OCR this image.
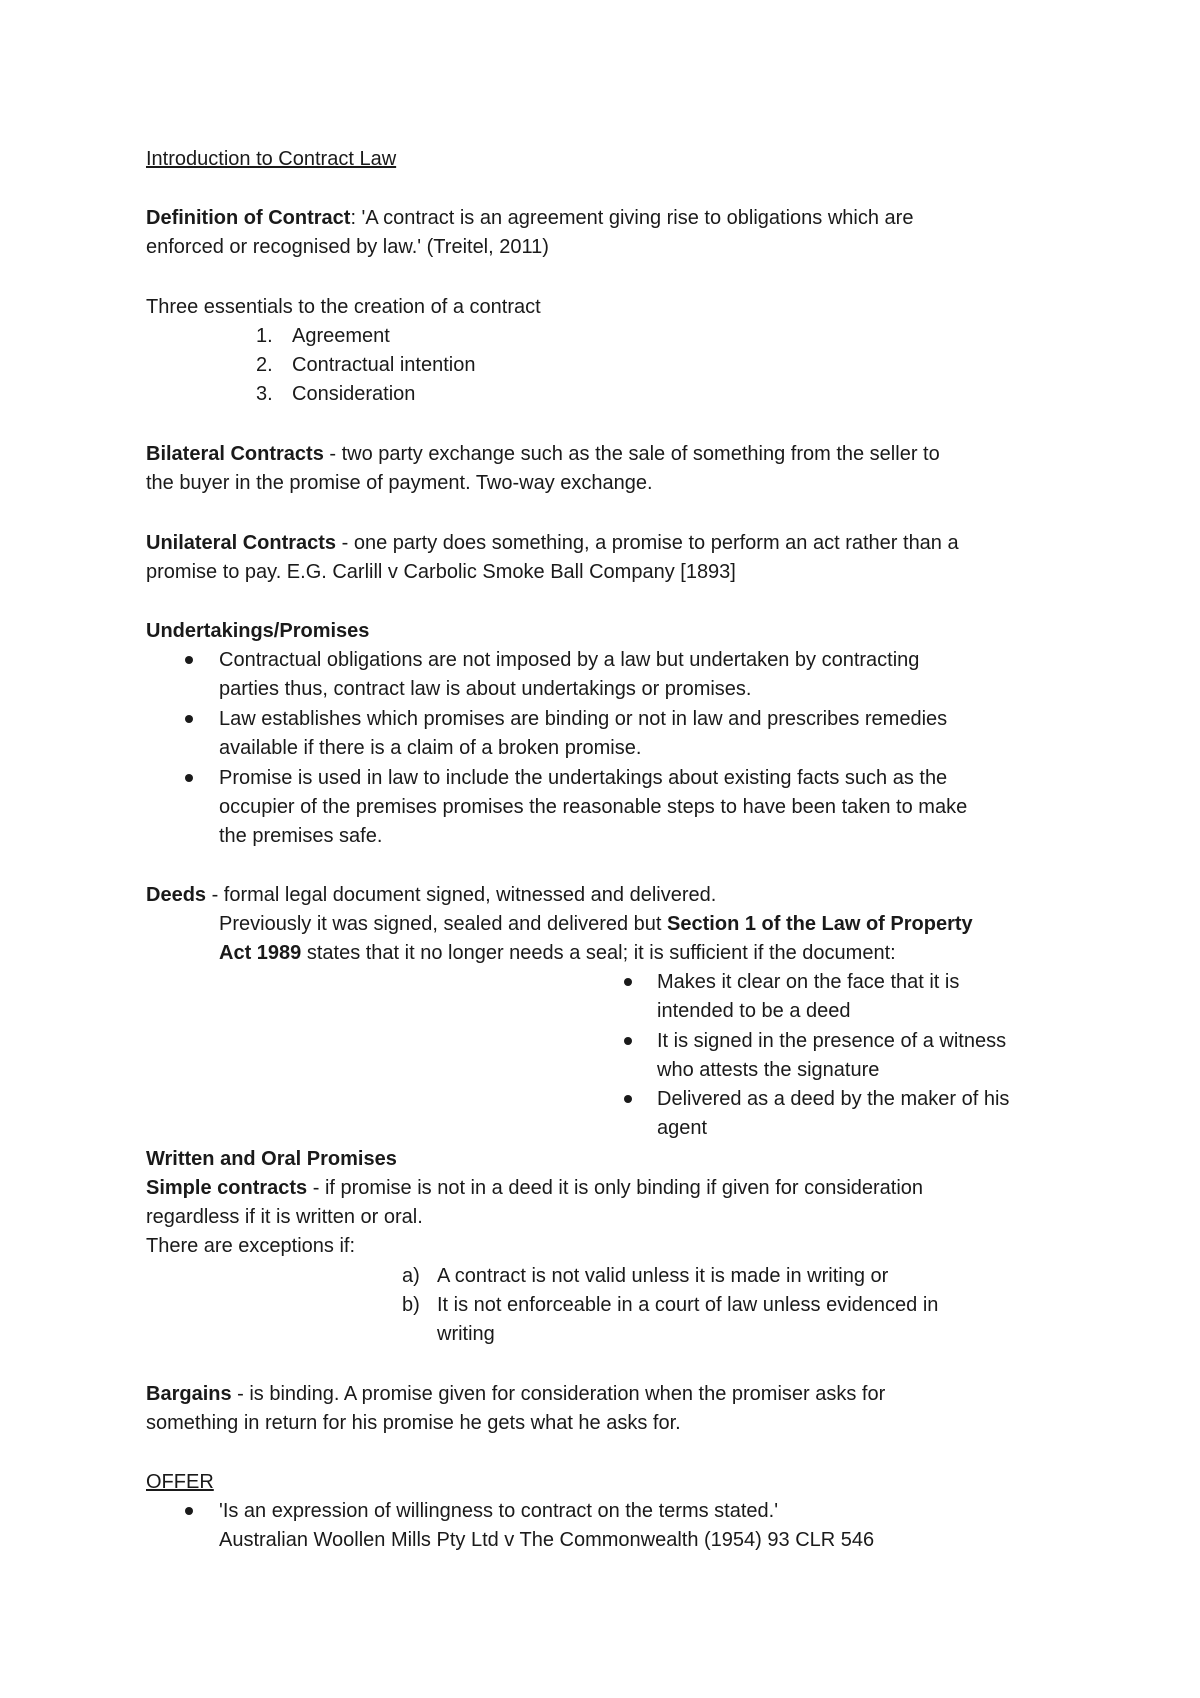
Introduction to Contract Law
Definition of Contract: 'A contract is an agreement giving rise to obligations which are
enforced or recognised by law.' (Treitel, 2011)
Three essentials to the creation of a contract
1. Agreement
2. Contractual intention
3. Consideration
Bilateral Contracts - two party exchange such as the sale of something from the seller to
the buyer in the promise of payment. Two-way exchange.
Unilateral Contracts - one party does something, a promise to perform an act rather than a
promise to pay. E.G. Carlill v Carbolic Smoke Ball Company [1893]
Undertakings/Promises
Contractual obligations are not imposed by a law but undertaken by contracting
parties thus, contract law is about undertakings or promises.
Law establishes which promises are binding or not in law and prescribes remedies
available if there is a claim of a broken promise.
Promise is used in law to include the undertakings about existing facts such as the
occupier of the premises promises the reasonable steps to have been taken to make
the premises safe.
Deeds - formal legal document signed, witnessed and delivered.
Previously it was signed, sealed and delivered but Section 1 of the Law of Property
Act 1989 states that it no longer needs a seal; it is sufficient if the document:
Makes it clear on the face that it is
intended to be a deed
It is signed in the presence of a witness
who attests the signature
Delivered as a deed by the maker of his
agent
Written and Oral Promises
Simple contracts - if promise is not in a deed it is only binding if given for consideration
regardless if it is written or oral.
There are exceptions if:
a) A contract is not valid unless it is made in writing or
b) It is not enforceable in a court of law unless evidenced in
writing
Bargains - is binding. A promise given for consideration when the promiser asks for
something in return for his promise he gets what he asks for.
OFFER
'Is an expression of willingness to contract on the terms stated.'
Australian Woollen Mills Pty Ltd v The Commonwealth (1954) 93 CLR 546
